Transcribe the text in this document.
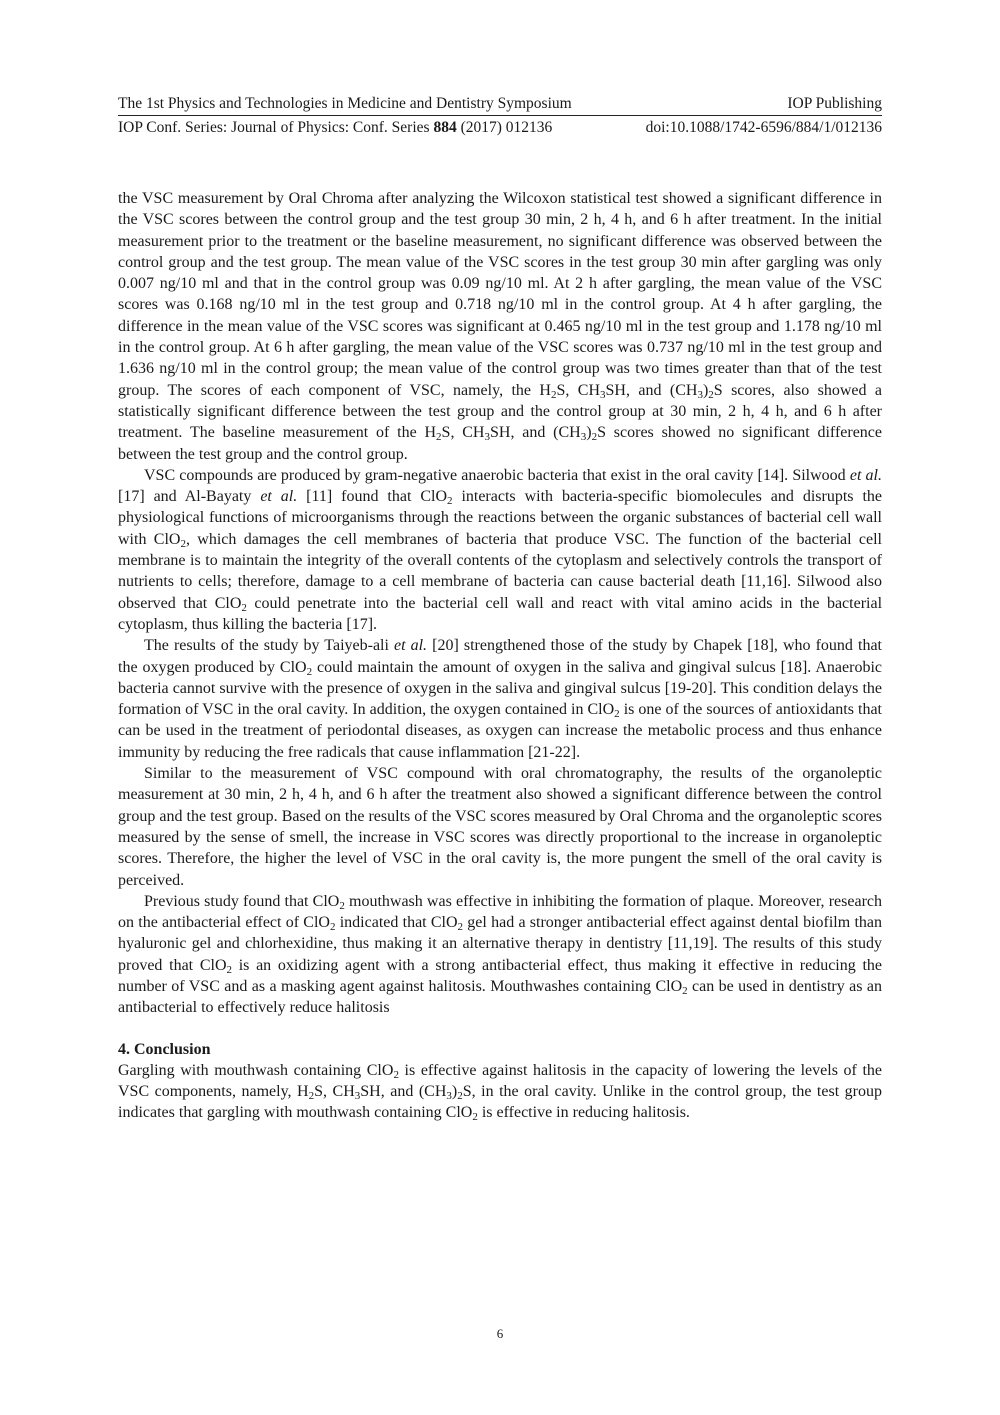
The 1st Physics and Technologies in Medicine and Dentistry Symposium	IOP Publishing
IOP Conf. Series: Journal of Physics: Conf. Series 884 (2017) 012136	doi:10.1088/1742-6596/884/1/012136

the VSC measurement by Oral Chroma after analyzing the Wilcoxon statistical test showed a significant difference in the VSC scores between the control group and the test group 30 min, 2 h, 4 h, and 6 h after treatment. In the initial measurement prior to the treatment or the baseline measurement, no significant difference was observed between the control group and the test group. The mean value of the VSC scores in the test group 30 min after gargling was only 0.007 ng/10 ml and that in the control group was 0.09 ng/10 ml. At 2 h after gargling, the mean value of the VSC scores was 0.168 ng/10 ml in the test group and 0.718 ng/10 ml in the control group. At 4 h after gargling, the difference in the mean value of the VSC scores was significant at 0.465 ng/10 ml in the test group and 1.178 ng/10 ml in the control group. At 6 h after gargling, the mean value of the VSC scores was 0.737 ng/10 ml in the test group and 1.636 ng/10 ml in the control group; the mean value of the control group was two times greater than that of the test group. The scores of each component of VSC, namely, the $H_2S$, $CH_3SH$, and $(CH_3)_2S$ scores, also showed a statistically significant difference between the test group and the control group at 30 min, 2 h, 4 h, and 6 h after treatment. The baseline measurement of the $H_2S$, $CH_3SH$, and $(CH_3)_2S$ scores showed no significant difference between the test group and the control group.

VSC compounds are produced by gram-negative anaerobic bacteria that exist in the oral cavity [14]. Silwood et al. [17] and Al-Bayaty et al. [11] found that ClO$_2$ interacts with bacteria-specific biomolecules and disrupts the physiological functions of microorganisms through the reactions between the organic substances of bacterial cell wall with ClO$_2$, which damages the cell membranes of bacteria that produce VSC. The function of the bacterial cell membrane is to maintain the integrity of the overall contents of the cytoplasm and selectively controls the transport of nutrients to cells; therefore, damage to a cell membrane of bacteria can cause bacterial death [11,16]. Silwood also observed that ClO$_2$ could penetrate into the bacterial cell wall and react with vital amino acids in the bacterial cytoplasm, thus killing the bacteria [17].

The results of the study by Taiyeb-ali et al. [20] strengthened those of the study by Chapek [18], who found that the oxygen produced by ClO$_2$ could maintain the amount of oxygen in the saliva and gingival sulcus [18]. Anaerobic bacteria cannot survive with the presence of oxygen in the saliva and gingival sulcus [19-20]. This condition delays the formation of VSC in the oral cavity. In addition, the oxygen contained in ClO$_2$ is one of the sources of antioxidants that can be used in the treatment of periodontal diseases, as oxygen can increase the metabolic process and thus enhance immunity by reducing the free radicals that cause inflammation [21-22].

Similar to the measurement of VSC compound with oral chromatography, the results of the organoleptic measurement at 30 min, 2 h, 4 h, and 6 h after the treatment also showed a significant difference between the control group and the test group. Based on the results of the VSC scores measured by Oral Chroma and the organoleptic scores measured by the sense of smell, the increase in VSC scores was directly proportional to the increase in organoleptic scores. Therefore, the higher the level of VSC in the oral cavity is, the more pungent the smell of the oral cavity is perceived.

Previous study found that ClO$_2$ mouthwash was effective in inhibiting the formation of plaque. Moreover, research on the antibacterial effect of ClO$_2$ indicated that ClO$_2$ gel had a stronger antibacterial effect against dental biofilm than hyaluronic gel and chlorhexidine, thus making it an alternative therapy in dentistry [11,19]. The results of this study proved that ClO$_2$ is an oxidizing agent with a strong antibacterial effect, thus making it effective in reducing the number of VSC and as a masking agent against halitosis. Mouthwashes containing ClO$_2$ can be used in dentistry as an antibacterial to effectively reduce halitosis

4. Conclusion

Gargling with mouthwash containing ClO$_2$ is effective against halitosis in the capacity of lowering the levels of the VSC components, namely, $H_2S$, $CH_3SH$, and $(CH_3)_2S$, in the oral cavity. Unlike in the control group, the test group indicates that gargling with mouthwash containing ClO$_2$ is effective in reducing halitosis.

6
